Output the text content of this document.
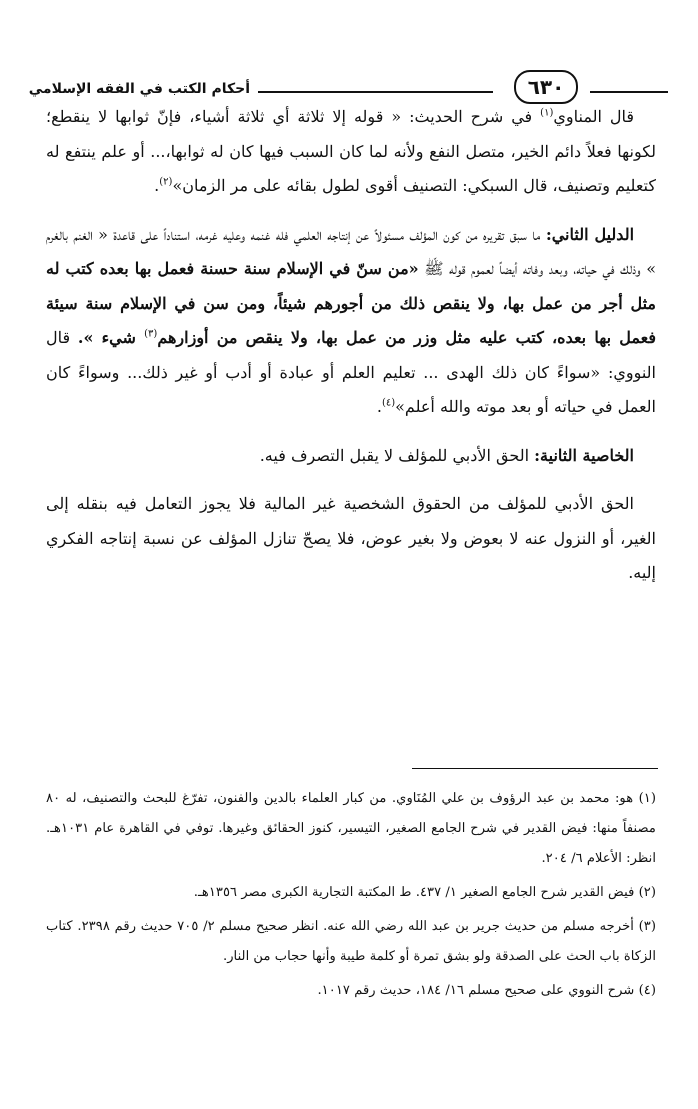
٦٣٠
أحكام الكتب في الفقه الإسلامي

قال المناوي$^{(١)}$ في شرح الحديث: « قوله إلا ثلاثة أي ثلاثة أشياء، فإنّ ثوابها لا ينقطع؛ لكونها فعلاً دائم الخير، متصل النفع ولأنه لما كان السبب فيها كان له ثوابها،... أو علم ينتفع له كتعليم وتصنيف، قال السبكي: التصنيف أقوى لطول بقائه على مر الزمان»$^{(٢)}$.

الدليل الثاني: ما سبق تقريره من كون المؤلف مسئولاً عن إنتاجه العلمي فله غنمه وعليه غرمه، استناداً على قاعدة « الغنم بالغرم » وذلك في حياته، وبعد وفاته أيضاً لعموم قوله ﷺ «من سنّ في الإسلام سنة حسنة فعمل بها بعده كتب له مثل أجر من عمل بها، ولا ينقص ذلك من أجورهم شيئاً، ومن سن في الإسلام سنة سيئة فعمل بها بعده، كتب عليه مثل وزر من عمل بها، ولا ينقص من أوزارهم$^{(٣)}$ شيء ». قال النووي: «سواءً كان ذلك الهدى ... تعليم العلم أو عبادة أو أدب أو غير ذلك... وسواءً كان العمل في حياته أو بعد موته والله أعلم»$^{(٤)}$.

الخاصية الثانية: الحق الأدبي للمؤلف لا يقبل التصرف فيه.

الحق الأدبي للمؤلف من الحقوق الشخصية غير المالية فلا يجوز التعامل فيه بنقله إلى الغير، أو النزول عنه لا بعوض ولا بغير عوض، فلا يصحّ تنازل المؤلف عن نسبة إنتاجه الفكري إليه.

(١) هو: محمد بن عبد الرؤوف بن علي المُنَاوي. من كبار العلماء بالدين والفنون، تفرّغ للبحث والتصنيف، له ٨٠ مصنفاً منها: فيض القدير في شرح الجامع الصغير، التيسير، كنوز الحقائق وغيرها. توفي في القاهرة عام ١٠٣١هـ. انظر: الأعلام ٦/ ٢٠٤.

(٢) فيض القدير شرح الجامع الصغير ١/ ٤٣٧. ط المكتبة التجارية الكبرى مصر ١٣٥٦هـ.

(٣) أخرجه مسلم من حديث جرير بن عبد الله رضي الله عنه. انظر صحيح مسلم ٢/ ٧٠٥ حديث رقم ٢٣٩٨. كتاب الزكاة باب الحث على الصدقة ولو بشق تمرة أو كلمة طيبة وأنها حجاب من النار.

(٤) شرح النووي على صحيح مسلم ١٦/ ١٨٤، حديث رقم ١٠١٧.
